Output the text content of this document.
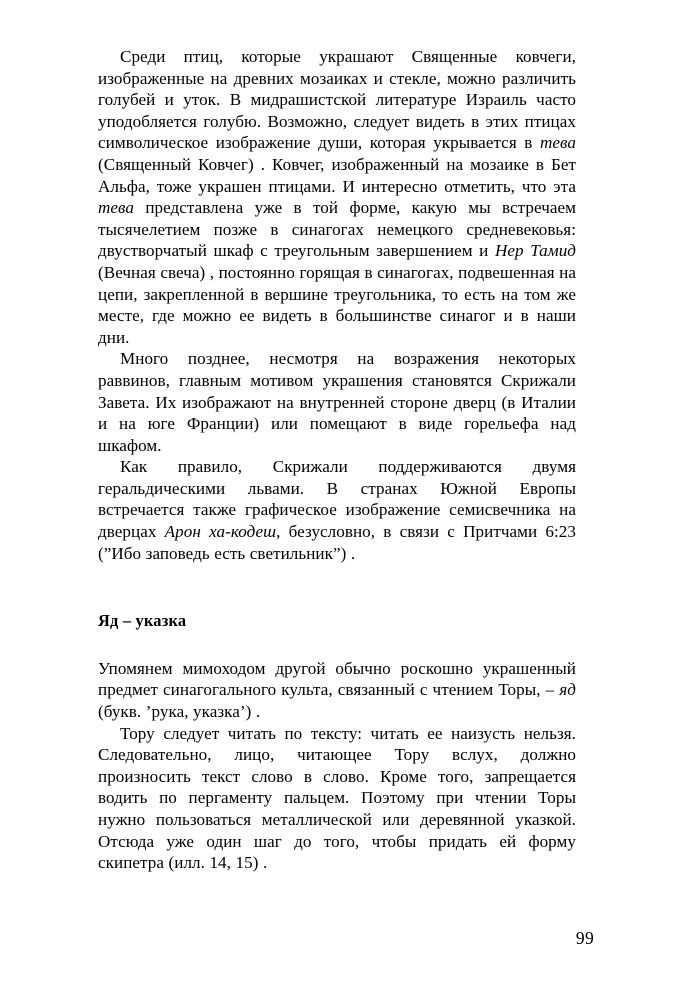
Среди птиц, которые украшают Священные ковчеги, изображенные на древних мозаиках и стекле, можно различить голубей и уток. В мидрашистской литературе Израиль часто уподобляется голубю. Возможно, следует видеть в этих птицах символическое изображение души, которая укрывается в тева (Священный Ковчег) . Ковчег, изображенный на мозаике в Бет Альфа, тоже украшен птицами. И интересно отметить, что эта тева представлена уже в той форме, какую мы встречаем тысячелетием позже в синагогах немецкого средневековья: двустворчатый шкаф с треугольным завершением и Нер Тамид (Вечная свеча) , постоянно горящая в синагогах, подвешенная на цепи, закрепленной в вершине треугольника, то есть на том же месте, где можно ее видеть в большинстве синагог и в наши дни.

Много позднее, несмотря на возражения некоторых раввинов, главным мотивом украшения становятся Скрижали Завета. Их изображают на внутренней стороне дверц (в Италии и на юге Франции) или помещают в виде горельефа над шкафом.

Как правило, Скрижали поддерживаются двумя геральдическими львами. В странах Южной Европы встречается также графическое изображение семисвечника на дверцах Арон ха-кодеш, безусловно, в связи с Притчами 6:23 (”Ибо заповедь есть светильник”) .

Яд – указка

Упомянем мимоходом другой обычно роскошно украшенный предмет синагогального культа, связанный с чтением Торы, – яд (букв. ’рука, указка’) .

Тору следует читать по тексту: читать ее наизусть нельзя. Следовательно, лицо, читающее Тору вслух, должно произносить текст слово в слово. Кроме того, запрещается водить по пергаменту пальцем. Поэтому при чтении Торы нужно пользоваться металлической или деревянной указкой. Отсюда уже один шаг до того, чтобы придать ей форму скипетра (илл. 14, 15) .

99
